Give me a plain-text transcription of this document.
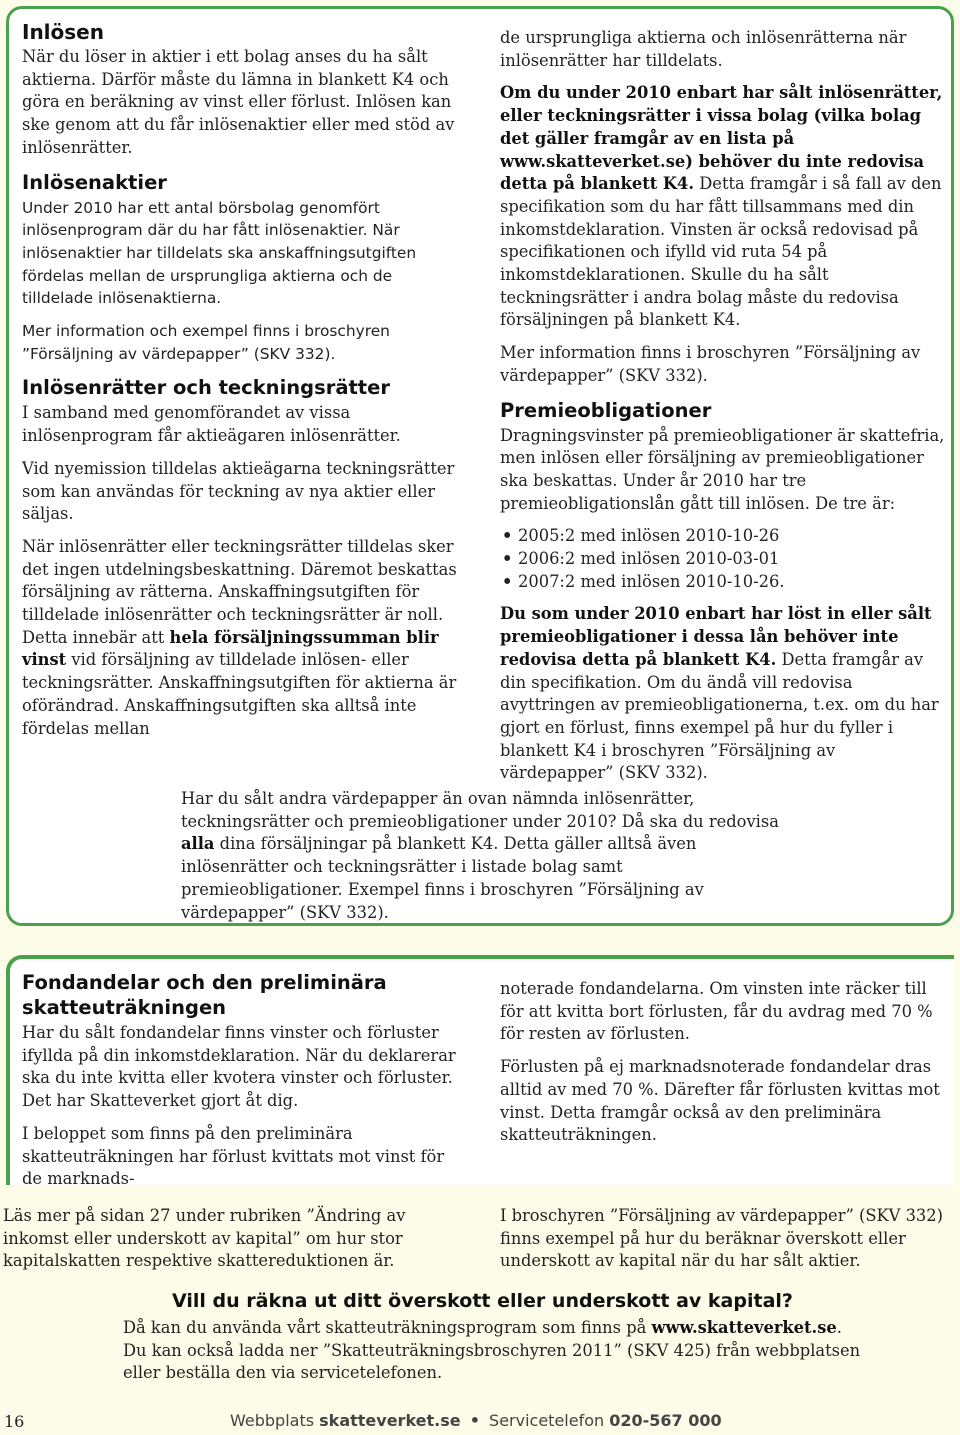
Inlösen

När du löser in aktier i ett bolag anses du ha sålt aktierna. Därför måste du lämna in blankett K4 och göra en beräkning av vinst eller förlust. Inlösen kan ske genom att du får inlösenaktier eller med stöd av inlösenrätter.

Inlösenaktier

Under 2010 har ett antal börsbolag genomfört inlösenprogram där du har fått inlösenaktier. När inlösenaktier har tilldelats ska anskaffningsutgiften fördelas mellan de ursprungliga aktierna och de tilldelade inlösenaktierna.

Mer information och exempel finns i broschyren ”Försäljning av värdepapper” (SKV 332).

Inlösenrätter och teckningsrätter

I samband med genomförandet av vissa inlösenprogram får aktieägaren inlösenrätter.

Vid nyemission tilldelas aktieägarna teckningsrätter som kan användas för teckning av nya aktier eller säljas.

När inlösenrätter eller teckningsrätter tilldelas sker det ingen utdelningsbeskattning. Däremot beskattas försäljning av rätterna. Anskaffningsutgiften för tilldelade inlösenrätter och teckningsrätter är noll. Detta innebär att hela försäljningssumman blir vinst vid försäljning av tilldelade inlösen- eller teckningsrätter. Anskaffningsutgiften för aktierna är oförändrad. Anskaffningsutgiften ska alltså inte fördelas mellan

de ursprungliga aktierna och inlösenrätterna när inlösenrätter har tilldelats.

Om du under 2010 enbart har sålt inlösenrätter, eller teckningsrätter i vissa bolag (vilka bolag det gäller framgår av en lista på www.skatteverket.se) behöver du inte redovisa detta på blankett K4. Detta framgår i så fall av den specifikation som du har fått tillsammans med din inkomstdeklaration. Vinsten är också redovisad på specifikationen och ifylld vid ruta 54 på inkomstdeklarationen. Skulle du ha sålt teckningsrätter i andra bolag måste du redovisa försäljningen på blankett K4.

Mer information finns i broschyren ”Försäljning av värdepapper” (SKV 332).

Premieobligationer

Dragningsvinster på premieobligationer är skattefria, men inlösen eller försäljning av premieobligationer ska beskattas. Under år 2010 har tre premieobligationslån gått till inlösen. De tre är:

• 2005:2 med inlösen 2010-10-26
• 2006:2 med inlösen 2010-03-01
• 2007:2 med inlösen 2010-10-26.

Du som under 2010 enbart har löst in eller sålt premieobligationer i dessa lån behöver inte redovisa detta på blankett K4. Detta framgår av din specifikation. Om du ändå vill redovisa avyttringen av premieobligationerna, t.ex. om du har gjort en förlust, finns exempel på hur du fyller i blankett K4 i broschyren ”Försäljning av värdepapper” (SKV 332).

Har du sålt andra värdepapper än ovan nämnda inlösenrätter, teckningsrätter och premieobligationer under 2010? Då ska du redovisa alla dina försäljningar på blankett K4. Detta gäller alltså även inlösenrätter och teckningsrätter i listade bolag samt premieobligationer. Exempel finns i broschyren ”Försäljning av värdepapper” (SKV 332).
Fondandelar och den preliminära skatteuträkningen

Har du sålt fondandelar finns vinster och förluster ifyllda på din inkomstdeklaration. När du deklarerar ska du inte kvitta eller kvotera vinster och förluster. Det har Skatteverket gjort åt dig.

I beloppet som finns på den preliminära skatteuträkningen har förlust kvittats mot vinst för de marknads-

noterade fondandelarna. Om vinsten inte räcker till för att kvitta bort förlusten, får du avdrag med 70 % för resten av förlusten.

Förlusten på ej marknadsnoterade fondandelar dras alltid av med 70 %. Därefter får förlusten kvittas mot vinst. Detta framgår också av den preliminära skatteuträkningen.

Läs mer på sidan 27 under rubriken ”Ändring av inkomst eller underskott av kapital” om hur stor kapitalskatten respektive skattereduktionen är.
I broschyren ”Försäljning av värdepapper” (SKV 332) finns exempel på hur du beräknar överskott eller underskott av kapital när du har sålt aktier.
Vill du räkna ut ditt överskott eller underskott av kapital?
Då kan du använda vårt skatteuträkningsprogram som finns på www.skatteverket.se.
Du kan också ladda ner ”Skatteuträkningsbroschyren 2011” (SKV 425) från webbplatsen eller beställa den via servicetelefonen.
16	Webbplats skatteverket.se • Servicetelefon 020-567 000
